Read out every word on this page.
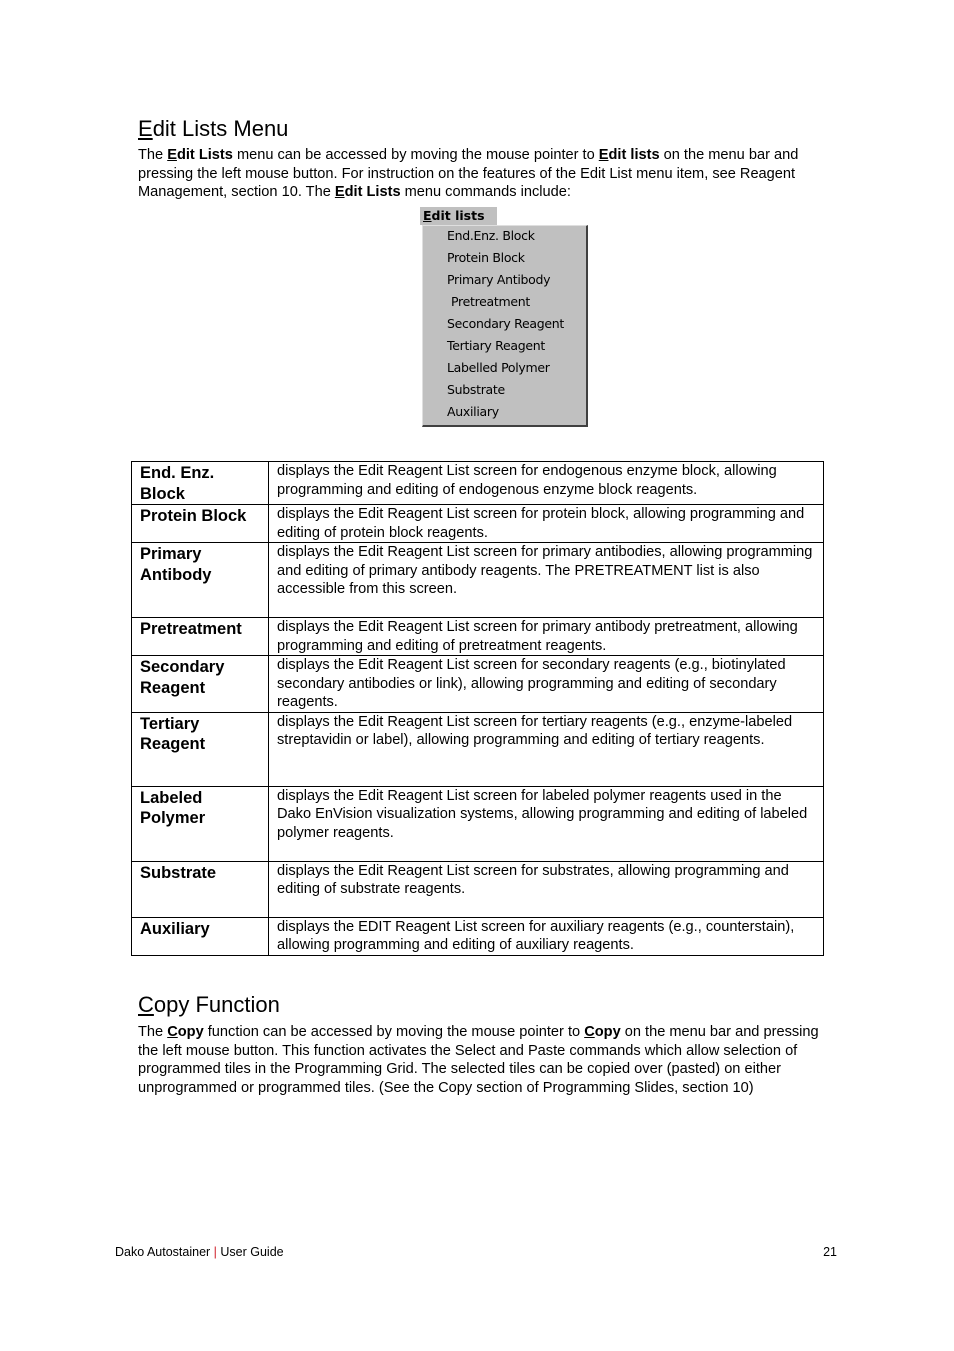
Edit Lists Menu
The Edit Lists menu can be accessed by moving the mouse pointer to Edit lists on the menu bar and pressing the left mouse button. For instruction on the features of the Edit List menu item, see Reagent Management, section 10. The Edit Lists menu commands include:
Edit lists
End.Enz. Block
Protein Block
Primary Antibody
Pretreatment
Secondary Reagent
Tertiary Reagent
Labelled Polymer
Substrate
Auxiliary
End. Enz. Block	displays the Edit Reagent List screen for endogenous enzyme block, allowing programming and editing of endogenous enzyme block reagents.
Protein Block	displays the Edit Reagent List screen for protein block, allowing programming and editing of protein block reagents.
Primary Antibody	displays the Edit Reagent List screen for primary antibodies, allowing programming and editing of primary antibody reagents. The PRETREATMENT list is also accessible from this screen.
Pretreatment	displays the Edit Reagent List screen for primary antibody pretreatment, allowing programming and editing of pretreatment reagents.
Secondary Reagent	displays the Edit Reagent List screen for secondary reagents (e.g., biotinylated secondary antibodies or link), allowing programming and editing of secondary reagents.
Tertiary Reagent	displays the Edit Reagent List screen for tertiary reagents (e.g., enzyme-labeled streptavidin or label), allowing programming and editing of tertiary reagents.
Labeled Polymer	displays the Edit Reagent List screen for labeled polymer reagents used in the Dako EnVision visualization systems, allowing programming and editing of labeled polymer reagents.
Substrate	displays the Edit Reagent List screen for substrates, allowing programming and editing of substrate reagents.
Auxiliary	displays the EDIT Reagent List screen for auxiliary reagents (e.g., counterstain), allowing programming and editing of auxiliary reagents.
Copy Function
The Copy function can be accessed by moving the mouse pointer to Copy on the menu bar and pressing the left mouse button. This function activates the Select and Paste commands which allow selection of programmed tiles in the Programming Grid. The selected tiles can be copied over (pasted) on either unprogrammed or programmed tiles. (See the Copy section of Programming Slides, section 10)
Dako Autostainer | User Guide	21
